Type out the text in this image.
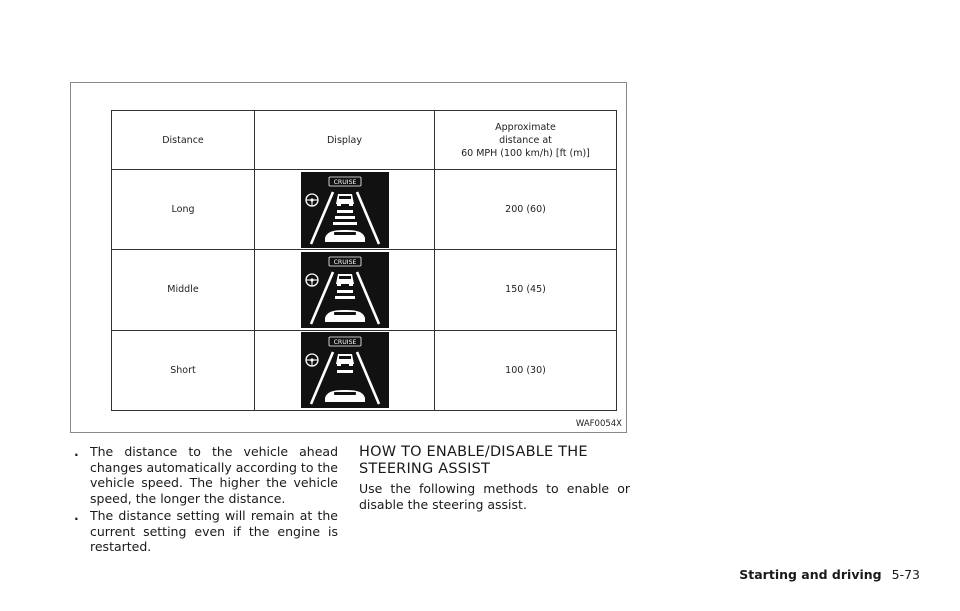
Distance	Display	Approximate
distance at
60 MPH (100 km/h) [ft (m)]
Long	CRUISE	200 (60)
Middle	CRUISE	150 (45)
Short	CRUISE	100 (30)
WAF0054X
. The distance to the vehicle ahead changes automatically according to the vehicle speed. The higher the vehicle speed, the longer the distance.
. The distance setting will remain at the current setting even if the engine is restarted.
HOW TO ENABLE/DISABLE THE STEERING ASSIST

Use the following methods to enable or disable the steering assist.

Starting and driving 5-73
